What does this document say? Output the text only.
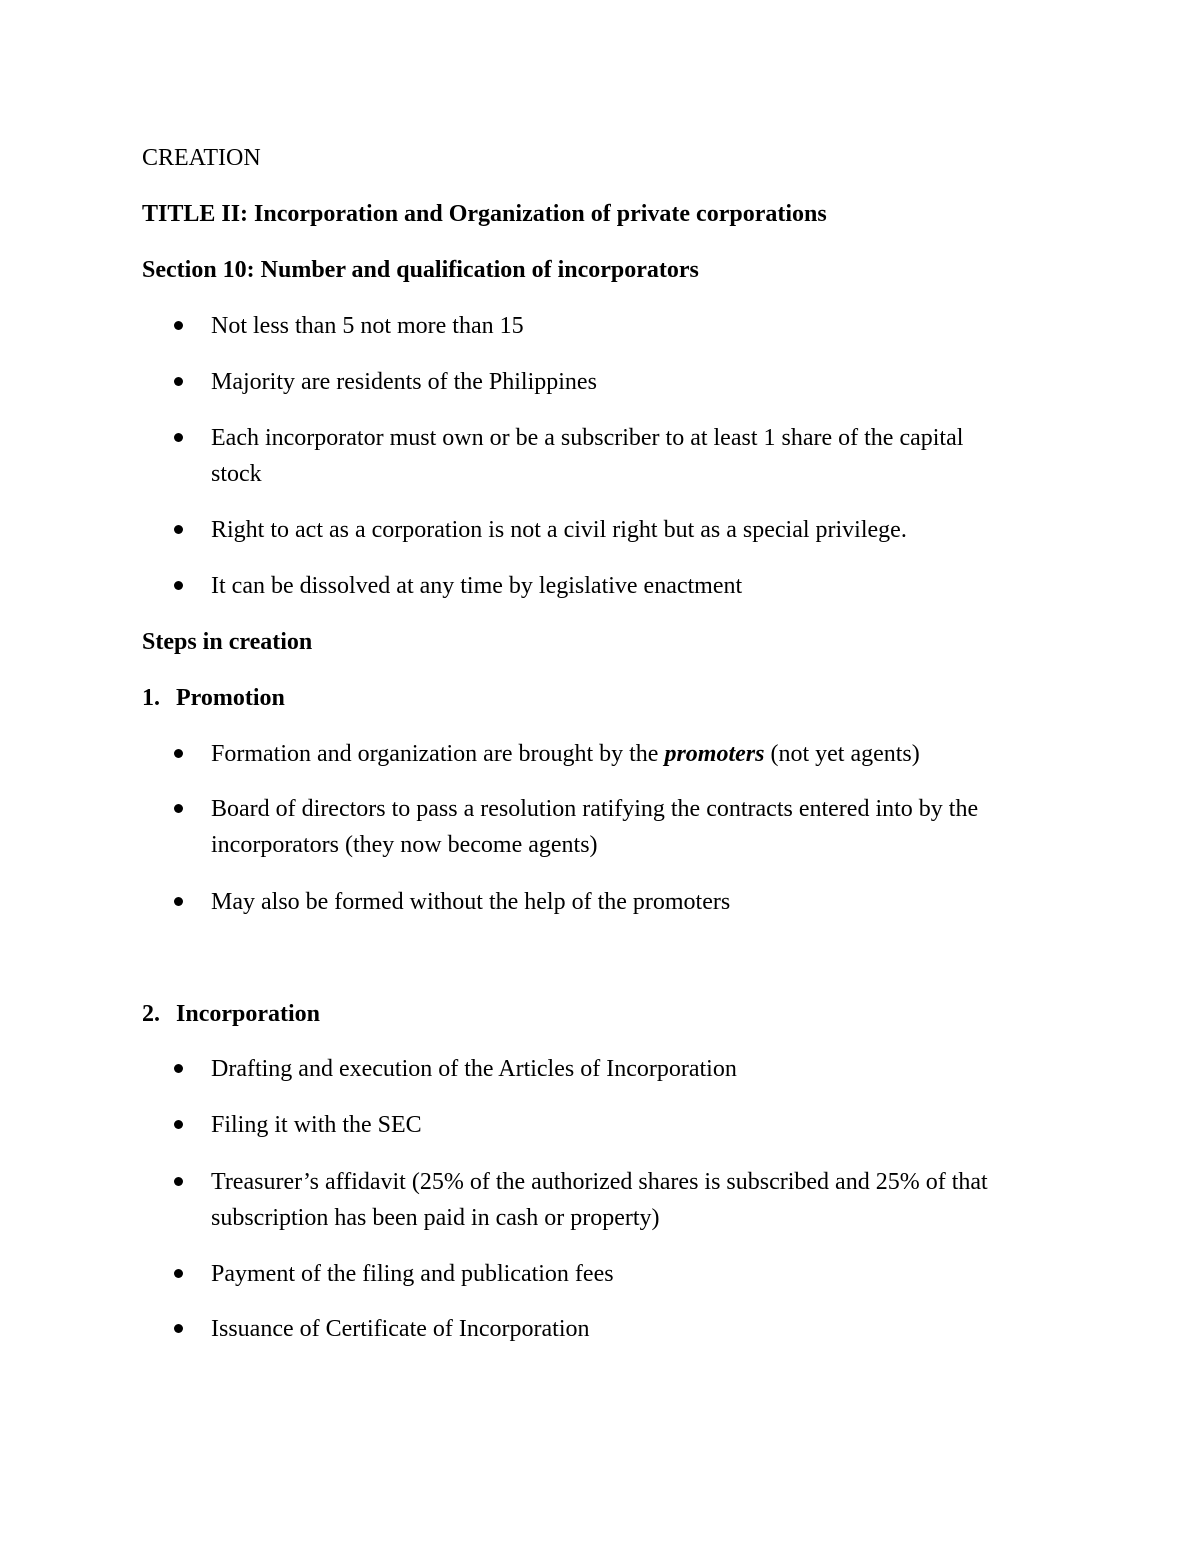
CREATION
TITLE II: Incorporation and Organization of private corporations
Section 10: Number and qualification of incorporators
Not less than 5 not more than 15
Majority are residents of the Philippines
Each incorporator must own or be a subscriber to at least 1 share of the capital stock
Right to act as a corporation is not a civil right but as a special privilege.
It can be dissolved at any time by legislative enactment
Steps in creation
1. Promotion
Formation and organization are brought by the promoters (not yet agents)
Board of directors to pass a resolution ratifying the contracts entered into by the incorporators (they now become agents)
May also be formed without the help of the promoters
2. Incorporation
Drafting and execution of the Articles of Incorporation
Filing it with the SEC
Treasurer’s affidavit (25% of the authorized shares is subscribed and 25% of that subscription has been paid in cash or property)
Payment of the filing and publication fees
Issuance of Certificate of Incorporation
